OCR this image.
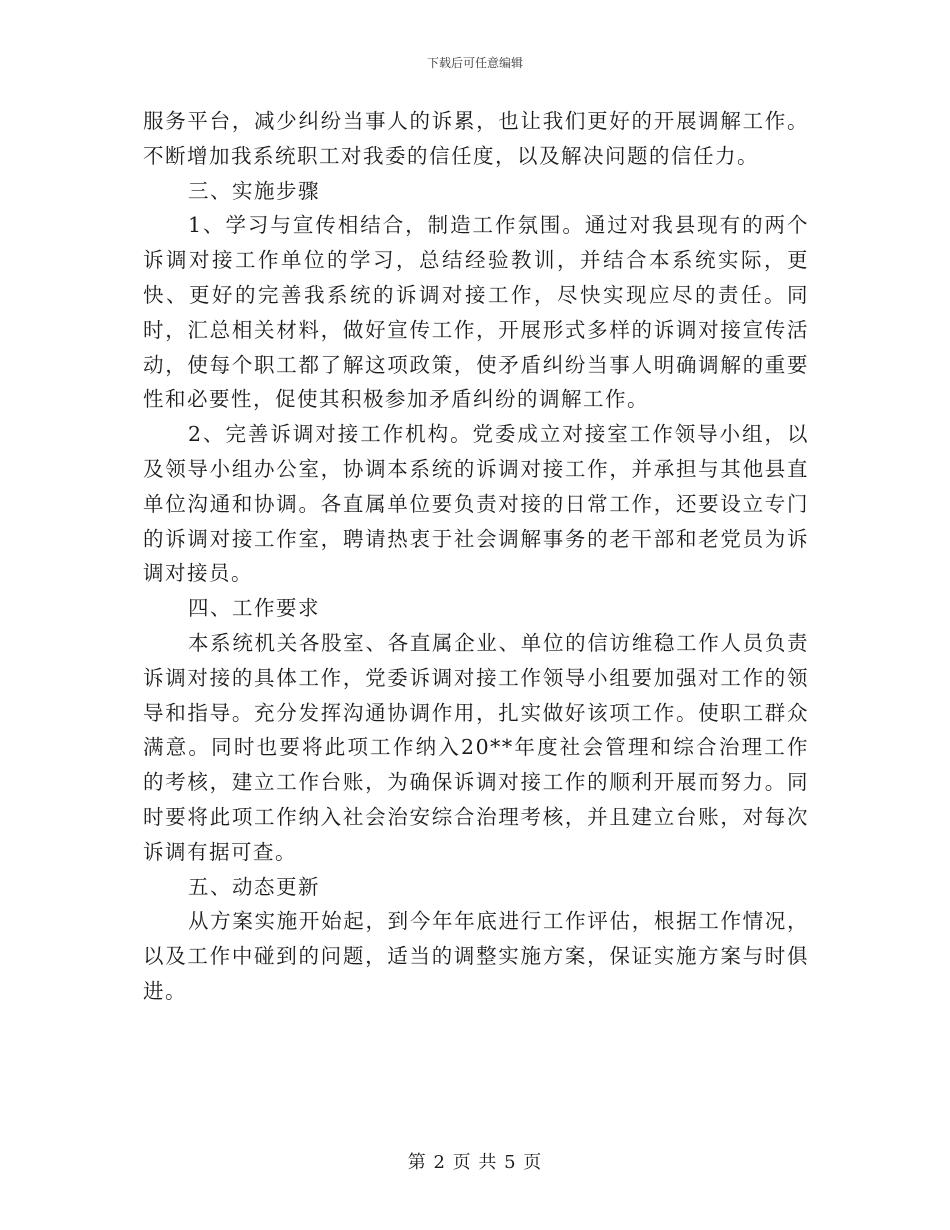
下载后可任意编辑

服务平台，减少纠纷当事人的诉累，也让我们更好的开展调解工作。不断增加我系统职工对我委的信任度，以及解决问题的信任力。

三、实施步骤

1、学习与宣传相结合，制造工作氛围。通过对我县现有的两个诉调对接工作单位的学习，总结经验教训，并结合本系统实际，更快、更好的完善我系统的诉调对接工作，尽快实现应尽的责任。同时，汇总相关材料，做好宣传工作，开展形式多样的诉调对接宣传活动，使每个职工都了解这项政策，使矛盾纠纷当事人明确调解的重要性和必要性，促使其积极参加矛盾纠纷的调解工作。

2、完善诉调对接工作机构。党委成立对接室工作领导小组，以及领导小组办公室，协调本系统的诉调对接工作，并承担与其他县直单位沟通和协调。各直属单位要负责对接的日常工作，还要设立专门的诉调对接工作室，聘请热衷于社会调解事务的老干部和老党员为诉调对接员。

四、工作要求

本系统机关各股室、各直属企业、单位的信访维稳工作人员负责诉调对接的具体工作，党委诉调对接工作领导小组要加强对工作的领导和指导。充分发挥沟通协调作用，扎实做好该项工作。使职工群众满意。同时也要将此项工作纳入20**年度社会管理和综合治理工作的考核，建立工作台账，为确保诉调对接工作的顺利开展而努力。同时要将此项工作纳入社会治安综合治理考核，并且建立台账，对每次诉调有据可查。

五、动态更新

从方案实施开始起，到今年年底进行工作评估，根据工作情况，以及工作中碰到的问题，适当的调整实施方案，保证实施方案与时俱进。

第 2 页 共 5 页
